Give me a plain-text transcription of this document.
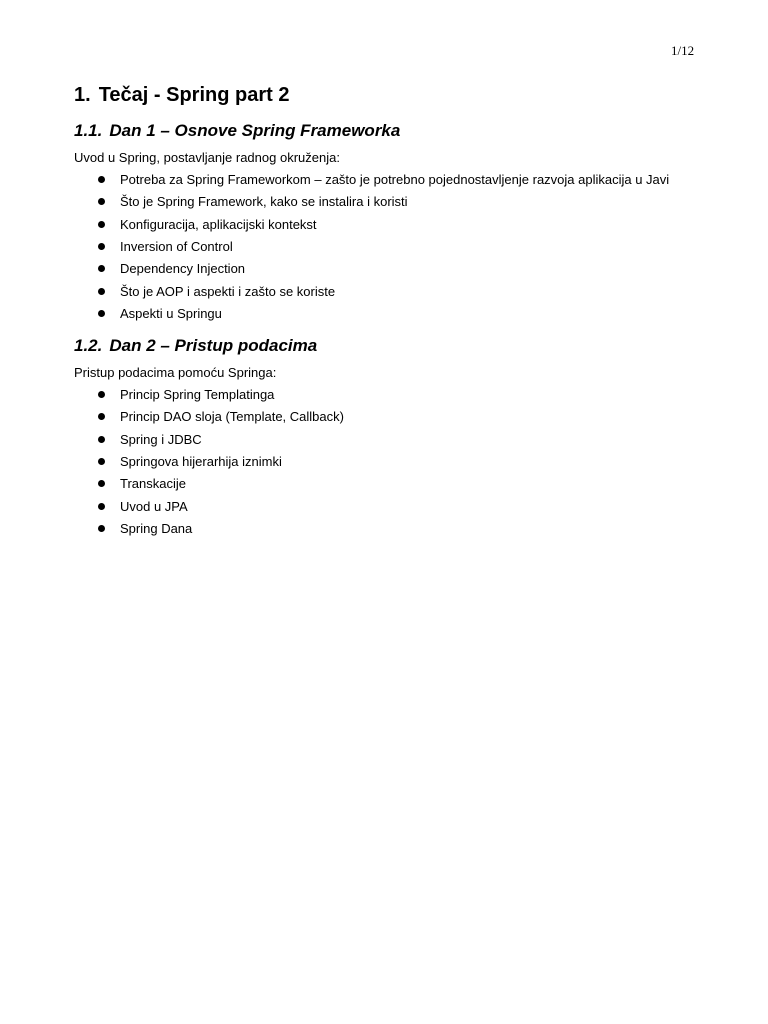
1/12
1. Tečaj - Spring part 2
1.1. Dan 1 – Osnove Spring Frameworka

Uvod u Spring, postavljanje radnog okruženja:

Potreba za Spring Frameworkom – zašto je potrebno pojednostavljenje razvoja aplikacija u Javi
Što je Spring Framework, kako se instalira i koristi
Konfiguracija, aplikacijski kontekst
Inversion of Control
Dependency Injection
Što je AOP i aspekti i zašto se koriste
Aspekti u Springu
1.2. Dan 2 – Pristup podacima

Pristup podacima pomoću Springa:

Princip Spring Templatinga
Princip DAO sloja (Template, Callback)
Spring i JDBC
Springova hijerarhija iznimki
Transkacije
Uvod u JPA
Spring Dana
